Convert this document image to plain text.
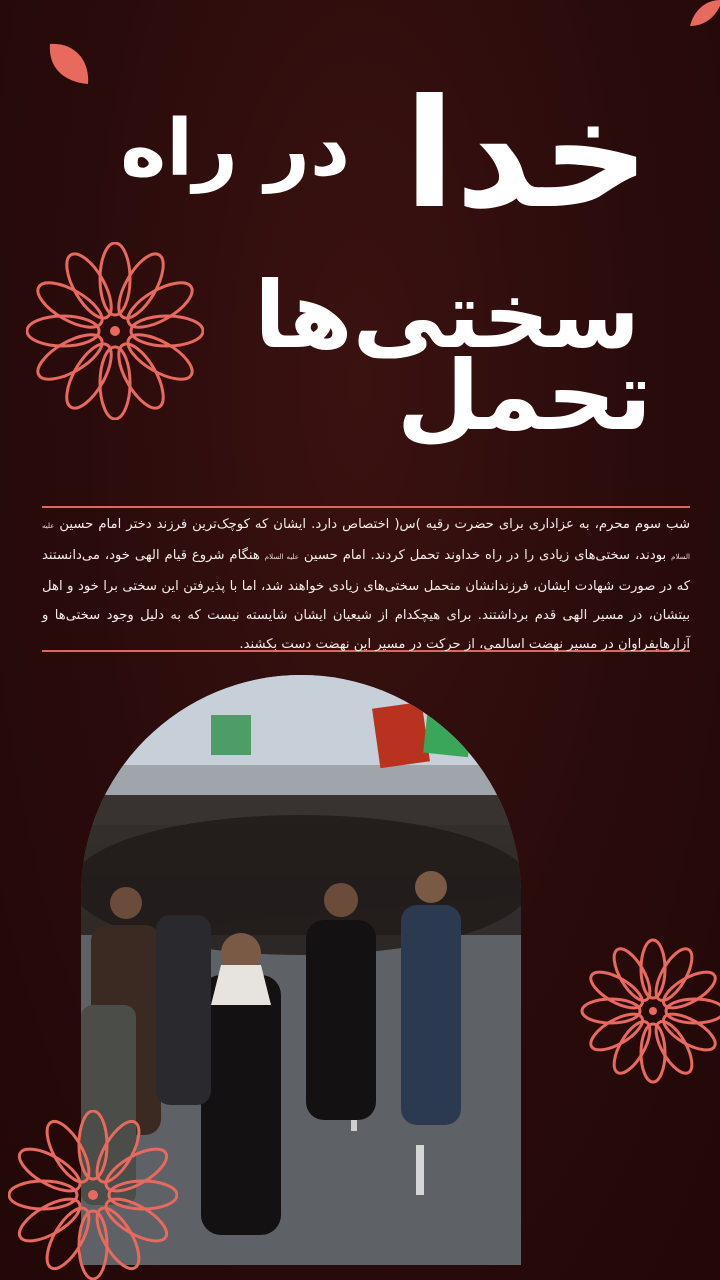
خدا
در راه
سختی‌ها
تحمل

شب سوم محرم، به عزاداری برای حضرت رقیه )س( اختصاص دارد. ایشان که کوچک‌ترین فرزند دختر امام حسین علیه السلام بودند، سختی‌های زیادی را در راه خداوند تحمل کردند. امام حسین علیه السلام هنگام شروع قیام الهی خود، می‌دانستند که در صورت شهادت ایشان، فرزندانشان متحمل سختی‌های زیادی خواهند شد، اما با پذیرفتن این سختی برا خود و اهل بیتشان، در مسیر الهی قدم برداشتند. برای هیچکدام از شیعیان ایشان شایسته نیست که به دلیل وجود سختی‌ها و آزارهایفراوان در مسیر نهضت اسالمی، از حرکت در مسیر این نهضت دست بکشند.
